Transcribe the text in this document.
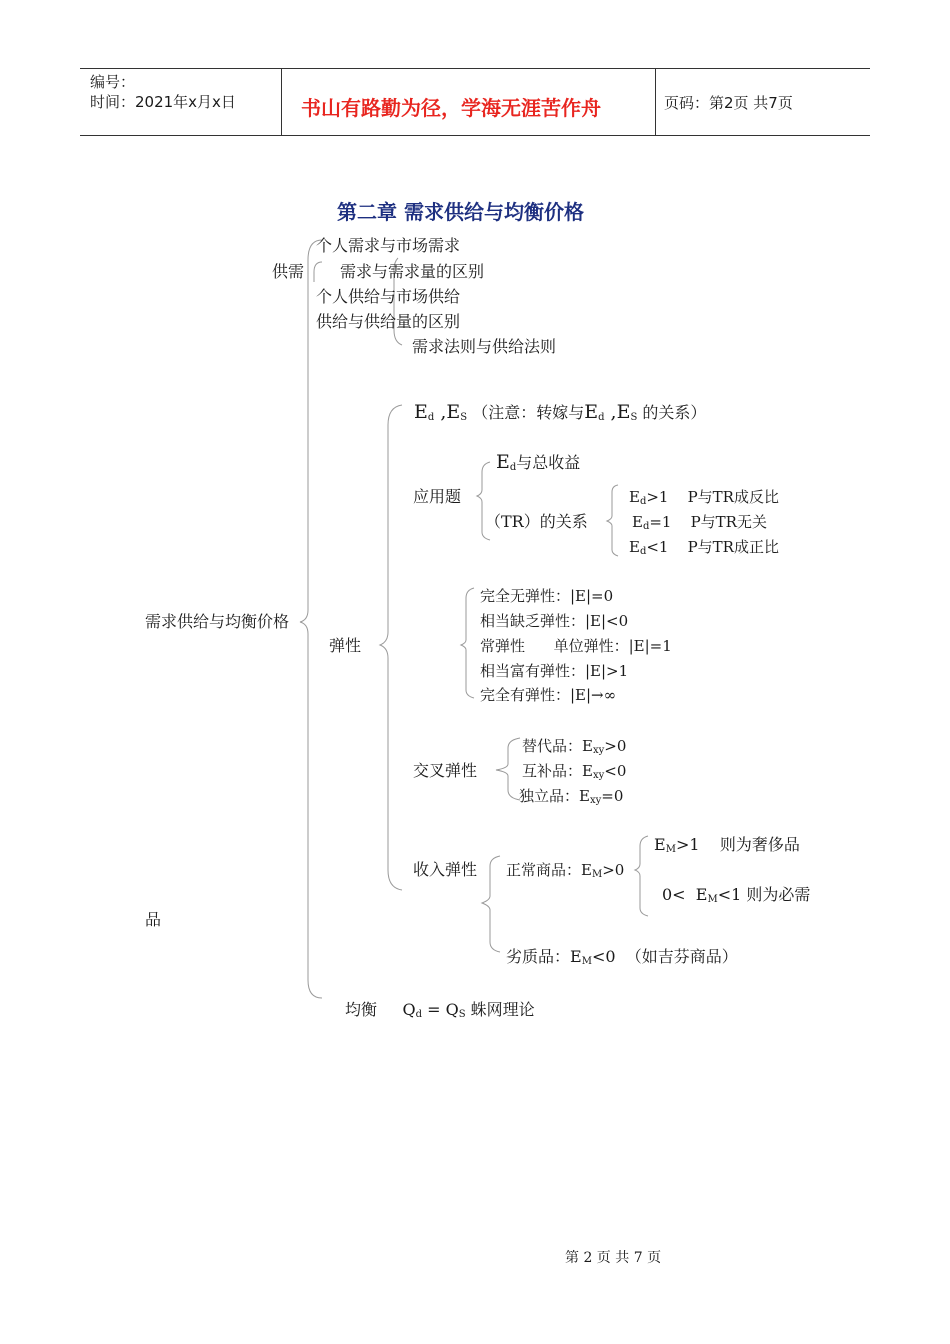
编号：
时间：2021年x月x日	书山有路勤为径，学海无涯苦作舟	页码：第2页 共7页
第二章 需求供给与均衡价格
供需
个人需求与市场需求
需求与需求量的区别
个人供给与市场供给
供给与供给量的区别
需求法则与供给法则
需求供给与均衡价格
品
弹性
$E_d$ $,E_S$ （注意：转嫁与$E_d$ $,E_S$ 的关系）
应用题
$E_d$与总收益
（TR）的关系
$E_d>1$ P与TR成反比
$E_d=1$ P与TR无关
$E_d<1$ P与TR成正比
完全无弹性：|E|=0
相当缺乏弹性：|E|<0
常弹性      单位弹性：|E|=1
相当富有弹性：|E|>1
完全有弹性：|E|→∞
交叉弹性
替代品：$E_{xy}>0$
互补品：$E_{xy}<0$
独立品：$E_{xy}=0$
收入弹性 正常商品：$E_M>0$
$E_M>1$ 则为奢侈品
$0< E_M<1$ 则为必需
劣质品：$E_M<0$ （如吉芬商品）
均衡 $Q_d = Q_S$ 蛛网理论
第 2 页 共 7 页
